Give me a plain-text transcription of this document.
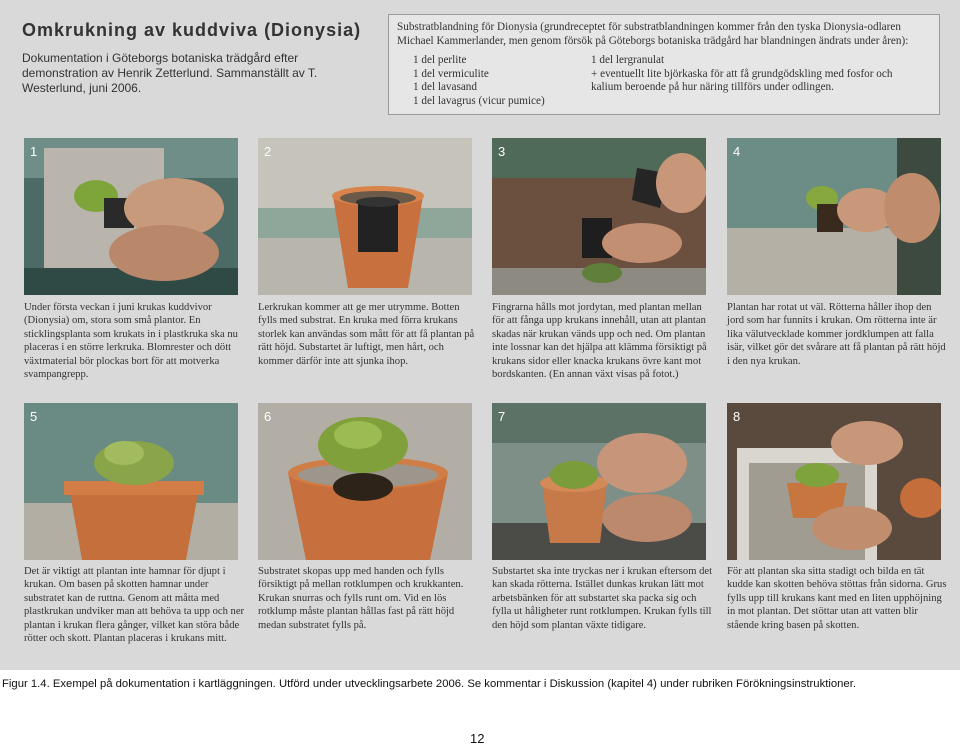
Omkrukning av kuddviva (Dionysia)
Dokumentation i Göteborgs botaniska trädgård efter demonstration av Henrik Zetterlund. Sammanställt av T. Westerlund, juni 2006.

Substratblandning för Dionysia (grundreceptet för substratblandningen kommer från den tyska Dionysia-odlaren Michael Kammerlander, men genom försök på Göteborgs botaniska trädgård har blandningen ändrats under åren):

1 del perlite
1 del vermiculite
1 del lavasand
1 del lavagrus (vicur pumice)
1 del lergranulat
+ eventuellt lite björkaska för att få grundgödskling med fosfor och
kalium beroende på hur näring tillförs under odlingen.
1	2	3	4
Under första veckan i juni krukas kuddvivor (Dionysia) om, stora som små plantor. En sticklingsplanta som krukats in i plastkruka ska nu placeras i en större lerkruka. Blomrester och dött växtmaterial bör plockas bort för att motverka svampangrepp.
Lerkrukan kommer att ge mer utrymme. Botten fylls med substrat. En kruka med förra krukans storlek kan användas som mått för att få plantan på rätt höjd. Substartet är luftigt, men hårt, och kommer därför inte att sjunka ihop.
Fingrarna hålls mot jordytan, med plantan mellan för att fånga upp krukans innehåll, utan att plantan skadas när krukan vänds upp och ned. Om plantan inte lossnar kan det hjälpa att klämma försiktigt på krukans sidor eller knacka krukans övre kant mot bordskanten. (En annan växt visas på fotot.)
Plantan har rotat ut väl. Rötterna håller ihop den jord som har funnits i krukan. Om rötterna inte är lika välutvecklade kommer jordklumpen att falla isär, vilket gör det svårare att få plantan på rätt höjd i den nya krukan.
5	6	7	8
Det är viktigt att plantan inte hamnar för djupt i krukan. Om basen på skotten hamnar under substratet kan de ruttna. Genom att måtta med plastkrukan undviker man att behöva ta upp och ner plantan i krukan flera gånger, vilket kan störa både rötter och skott. Plantan placeras i krukans mitt.
Substratet skopas upp med handen och fylls försiktigt på mellan rotklumpen och krukkanten. Krukan snurras och fylls runt om. Vid en lös rotklump måste plantan hållas fast på rätt höjd medan substratet fylls på.
Substartet ska inte tryckas ner i krukan eftersom det kan skada rötterna. Istället dunkas krukan lätt mot arbetsbänken för att substartet ska packa sig och fylla ut håligheter runt rotklumpen. Krukan fylls till den höjd som plantan växte tidigare.
För att plantan ska sitta stadigt och bilda en tät kudde kan skotten behöva stöttas från sidorna. Grus fylls upp till krukans kant med en liten upphöjning in mot plantan. Det stöttar utan att vatten blir stående kring basen på skotten.
Figur 1.4. Exempel på dokumentation i kartläggningen. Utförd under utvecklingsarbete 2006. Se kommentar i Diskussion (kapitel 4) under rubriken Förökningsinstruktioner.
12
